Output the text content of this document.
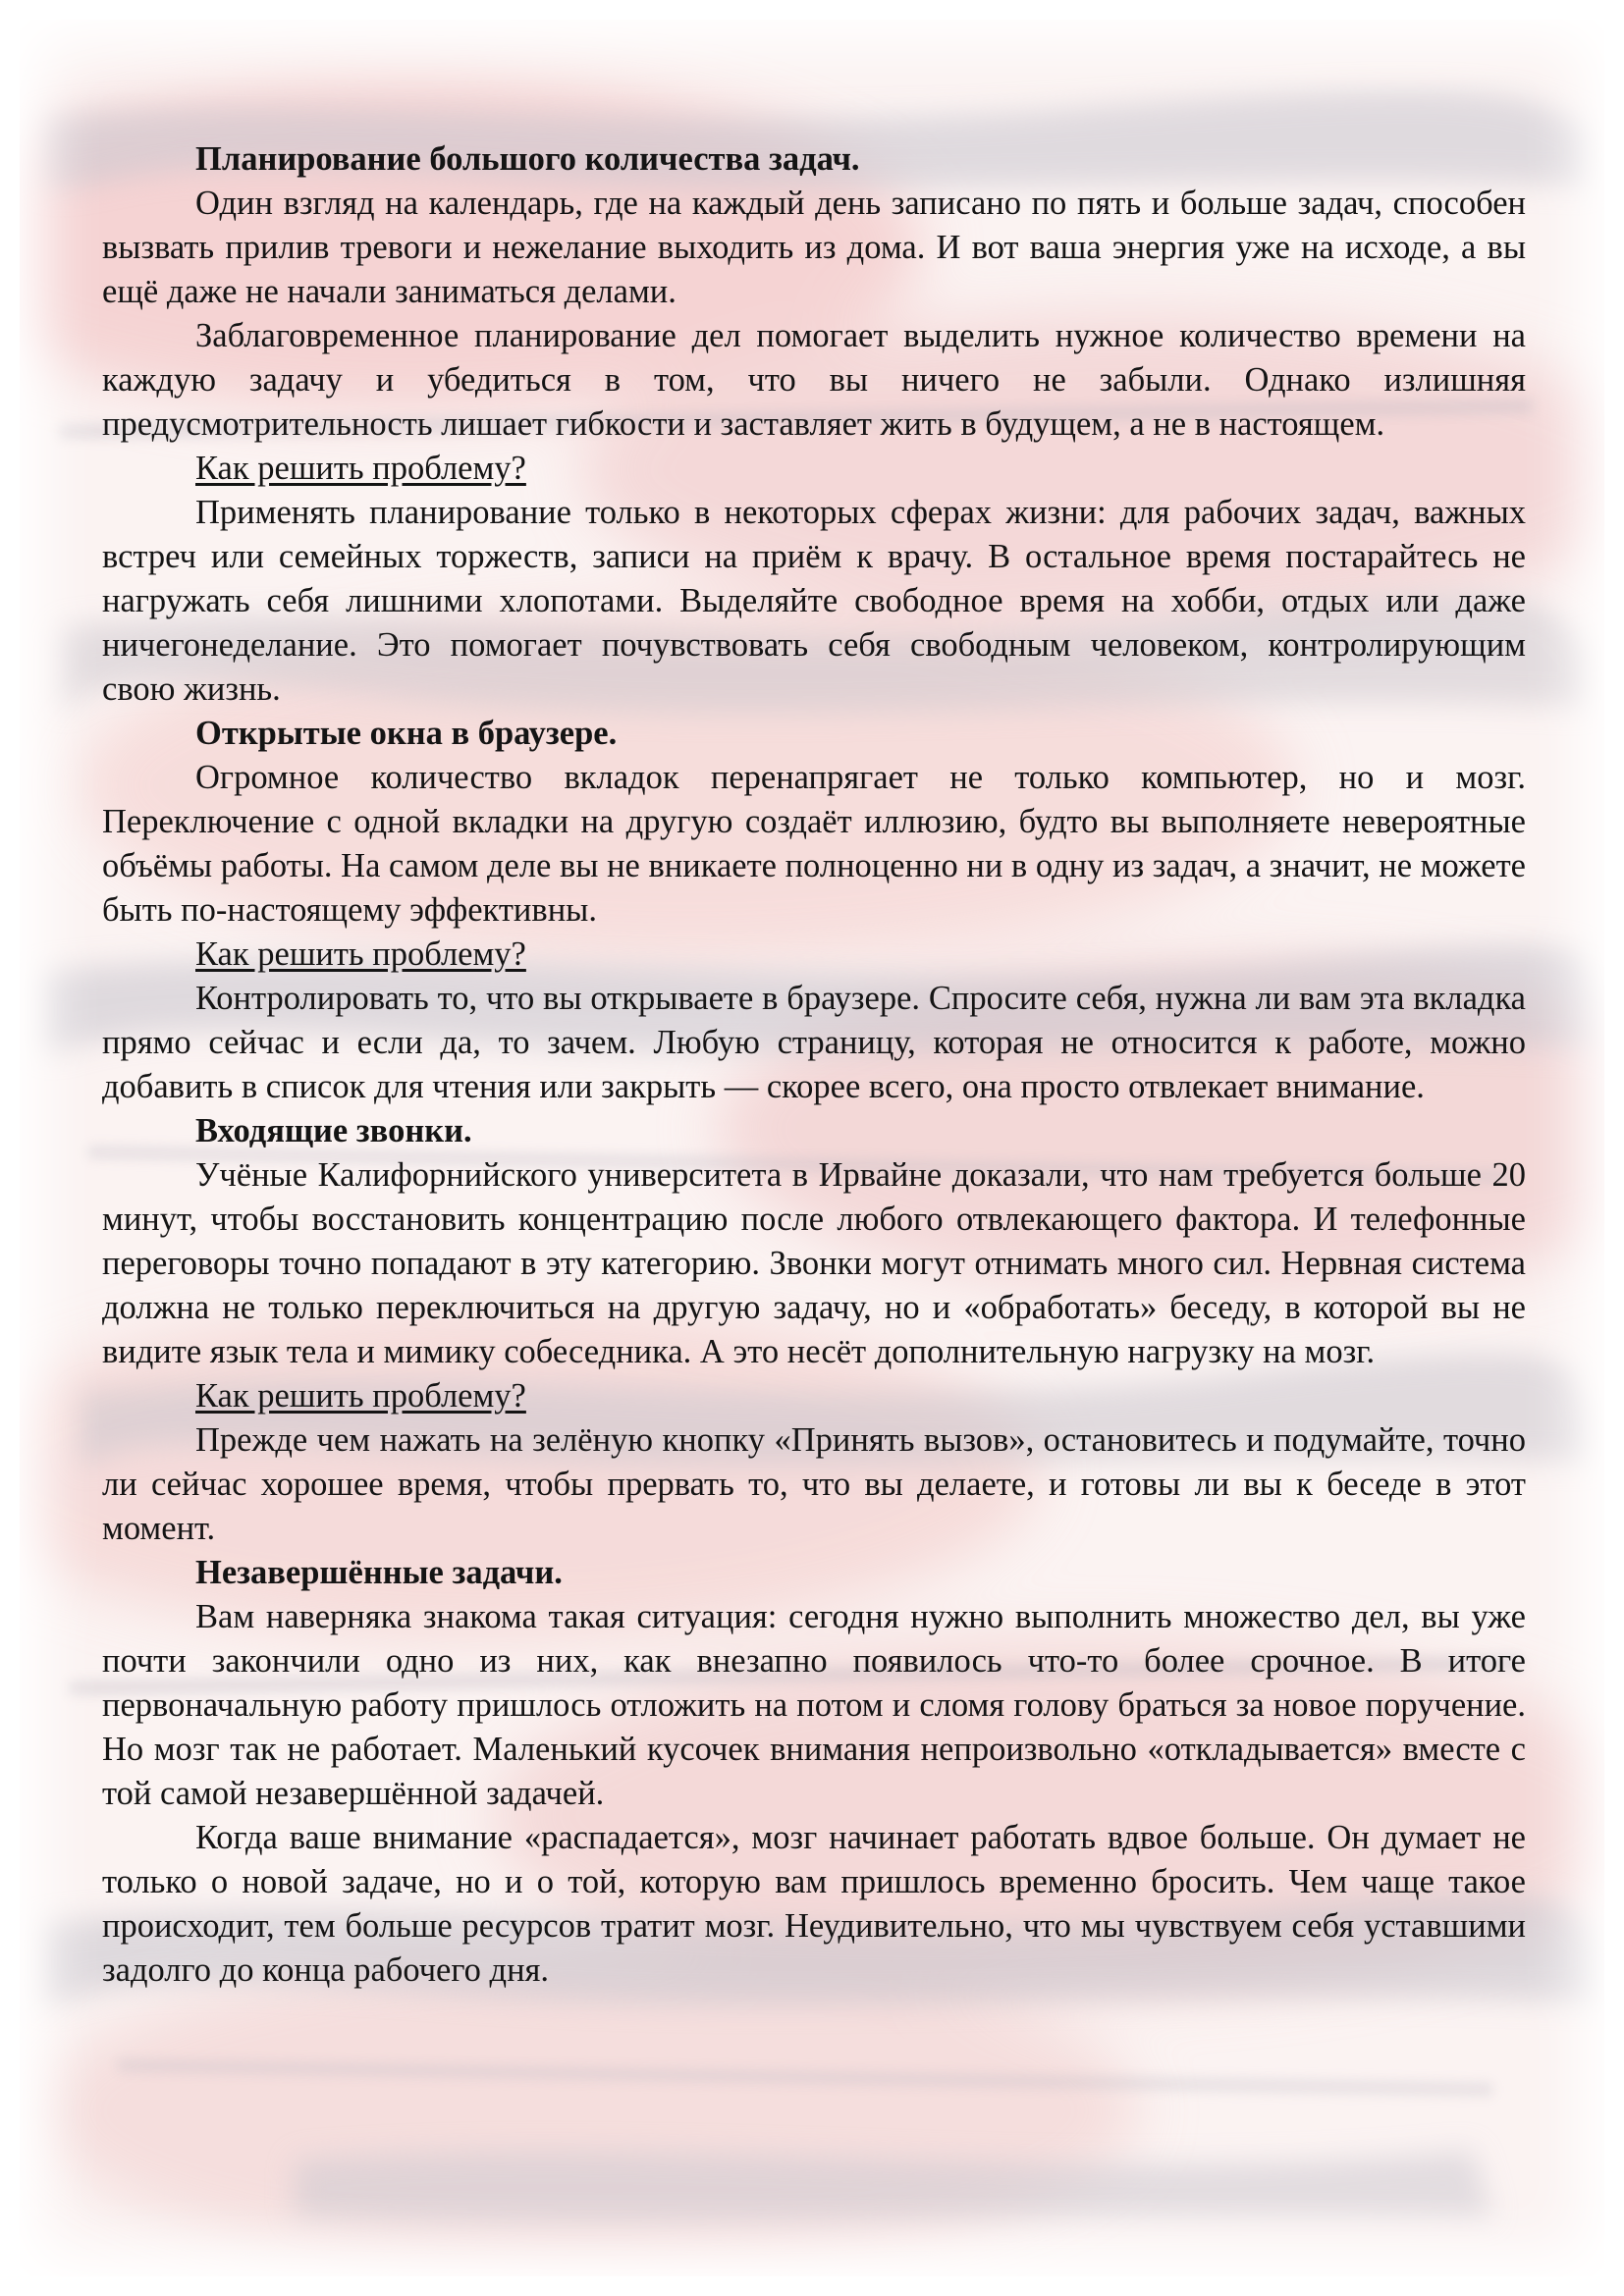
Планирование большого количества задач.

Один взгляд на календарь, где на каждый день записано по пять и больше задач, способен вызвать прилив тревоги и нежелание выходить из дома. И вот ваша энергия уже на исходе, а вы ещё даже не начали заниматься делами.

Заблаговременное планирование дел помогает выделить нужное количество времени на каждую задачу и убедиться в том, что вы ничего не забыли. Однако излишняя предусмотрительность лишает гибкости и заставляет жить в будущем, а не в настоящем.

Как решить проблему?

Применять планирование только в некоторых сферах жизни: для рабочих задач, важных встреч или семейных торжеств, записи на приём к врачу. В остальное время постарайтесь не нагружать себя лишними хлопотами. Выделяйте свободное время на хобби, отдых или даже ничегонеделание. Это помогает почувствовать себя свободным человеком, контролирующим свою жизнь.

Открытые окна в браузере.

Огромное количество вкладок перенапрягает не только компьютер, но и мозг. Переключение с одной вкладки на другую создаёт иллюзию, будто вы выполняете невероятные объёмы работы. На самом деле вы не вникаете полноценно ни в одну из задач, а значит, не можете быть по-настоящему эффективны.

Как решить проблему?

Контролировать то, что вы открываете в браузере. Спросите себя, нужна ли вам эта вкладка прямо сейчас и если да, то зачем. Любую страницу, которая не относится к работе, можно добавить в список для чтения или закрыть — скорее всего, она просто отвлекает внимание.

Входящие звонки.

Учёные Калифорнийского университета в Ирвайне доказали, что нам требуется больше 20 минут, чтобы восстановить концентрацию после любого отвлекающего фактора. И телефонные переговоры точно попадают в эту категорию. Звонки могут отнимать много сил. Нервная система должна не только переключиться на другую задачу, но и «обработать» беседу, в которой вы не видите язык тела и мимику собеседника. А это несёт дополнительную нагрузку на мозг.

Как решить проблему?

Прежде чем нажать на зелёную кнопку «Принять вызов», остановитесь и подумайте, точно ли сейчас хорошее время, чтобы прервать то, что вы делаете, и готовы ли вы к беседе в этот момент.

Незавершённые задачи.

Вам наверняка знакома такая ситуация: сегодня нужно выполнить множество дел, вы уже почти закончили одно из них, как внезапно появилось что-то более срочное. В итоге первоначальную работу пришлось отложить на потом и сломя голову браться за новое поручение. Но мозг так не работает. Маленький кусочек внимания непроизвольно «откладывается» вместе с той самой незавершённой задачей.

Когда ваше внимание «распадается», мозг начинает работать вдвое больше. Он думает не только о новой задаче, но и о той, которую вам пришлось временно бросить. Чем чаще такое происходит, тем больше ресурсов тратит мозг. Неудивительно, что мы чувствуем себя уставшими задолго до конца рабочего дня.
